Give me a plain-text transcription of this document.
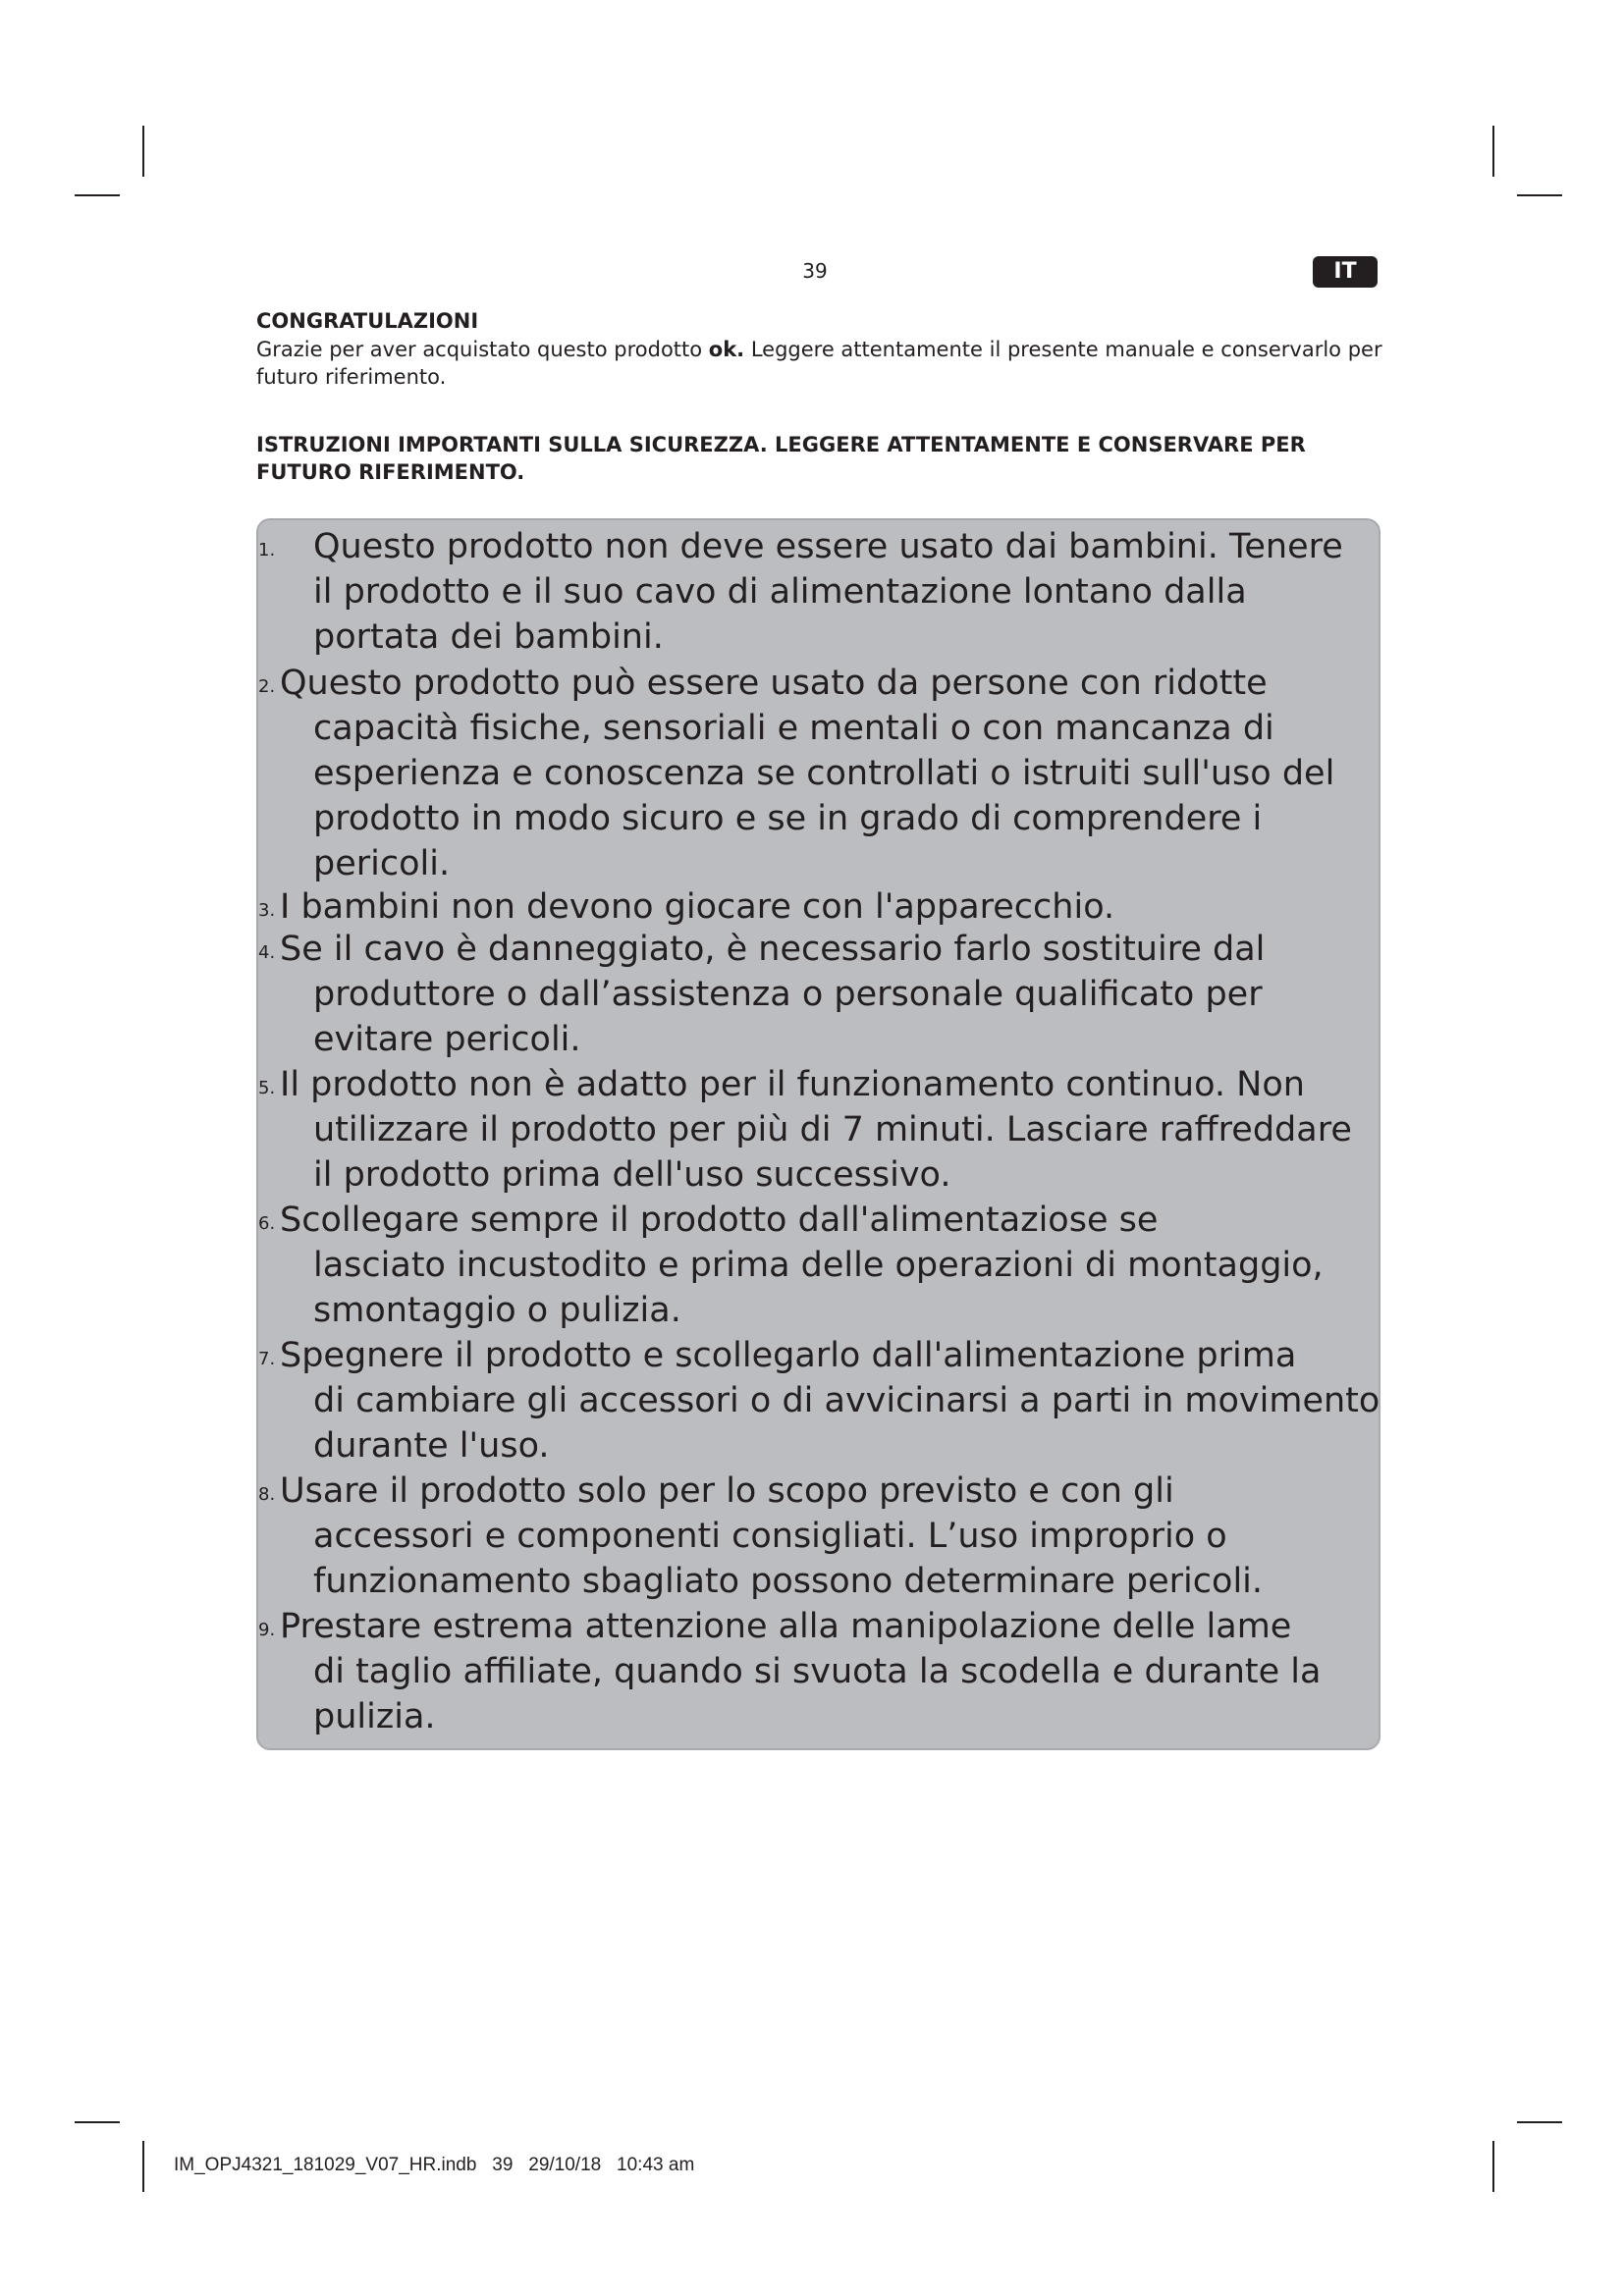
39	IT

CONGRATULAZIONI

Grazie per aver acquistato questo prodotto ok. Leggere attentamente il presente manuale e conservarlo per futuro riferimento.

ISTRUZIONI IMPORTANTI SULLA SICUREZZA. LEGGERE ATTENTAMENTE E CONSERVARE PER FUTURO RIFERIMENTO.

1. Questo prodotto non deve essere usato dai bambini. Tenere
il prodotto e il suo cavo di alimentazione lontano dalla
portata dei bambini.
2. Questo prodotto può essere usato da persone con ridotte
capacità fisiche, sensoriali e mentali o con mancanza di
esperienza e conoscenza se controllati o istruiti sull'uso del
prodotto in modo sicuro e se in grado di comprendere i
pericoli.
3. I bambini non devono giocare con l'apparecchio.
4. Se il cavo è danneggiato, è necessario farlo sostituire dal
produttore o dall’assistenza o personale qualificato per
evitare pericoli.
5. Il prodotto non è adatto per il funzionamento continuo. Non
utilizzare il prodotto per più di 7 minuti. Lasciare raffreddare
il prodotto prima dell'uso successivo.
6. Scollegare sempre il prodotto dall'alimentaziose se
lasciato incustodito e prima delle operazioni di montaggio,
smontaggio o pulizia.
7. Spegnere il prodotto e scollegarlo dall'alimentazione prima
di cambiare gli accessori o di avvicinarsi a parti in movimento
durante l'uso.
8. Usare il prodotto solo per lo scopo previsto e con gli
accessori e componenti consigliati. L’uso improprio o
funzionamento sbagliato possono determinare pericoli.
9. Prestare estrema attenzione alla manipolazione delle lame
di taglio affiliate, quando si svuota la scodella e durante la
pulizia.
IM_OPJ4321_181029_V07_HR.indb   39   29/10/18   10:43 am
